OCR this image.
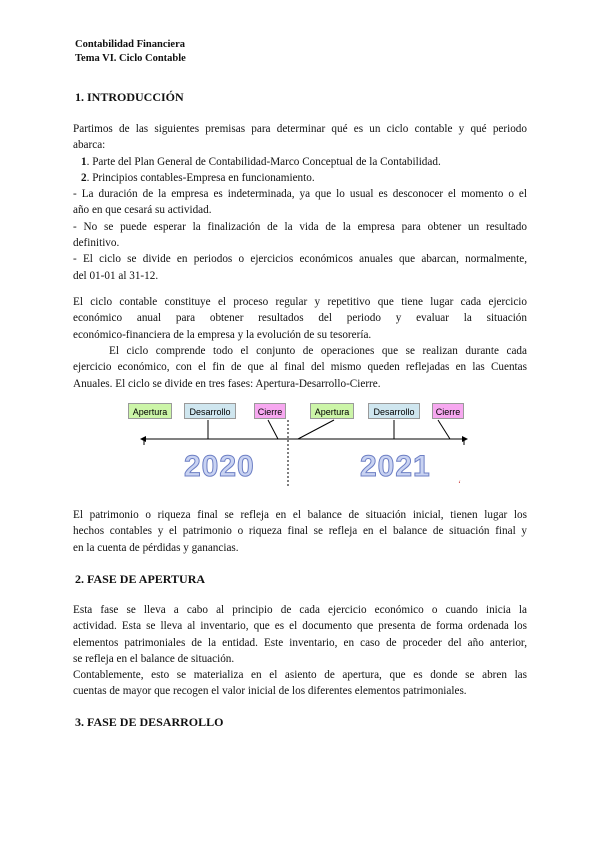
Contabilidad Financiera
Tema VI. Ciclo Contable
1. INTRODUCCIÓN
Partimos de las siguientes premisas para determinar qué es un ciclo contable y qué periodo
abarca:
1. Parte del Plan General de Contabilidad-Marco Conceptual de la Contabilidad.
2. Principios contables-Empresa en funcionamiento.
- La duración de la empresa es indeterminada, ya que lo usual es desconocer el momento o el
año en que cesará su actividad.
- No se puede esperar la finalización de la vida de la empresa para obtener un resultado
definitivo.
- El ciclo se divide en periodos o ejercicios económicos anuales que abarcan, normalmente,
del 01-01 al 31-12.
El ciclo contable constituye el proceso regular y repetitivo que tiene lugar cada ejercicio
económico anual para obtener resultados del periodo y evaluar la situación
económico-financiera de la empresa y la evolución de su tesorería.
El ciclo comprende todo el conjunto de operaciones que se realizan durante cada
ejercicio económico, con el fin de que al final del mismo queden reflejadas en las Cuentas
Anuales. El ciclo se divide en tres fases: Apertura-Desarrollo-Cierre.
Apertura	Desarrollo	Cierre	Apertura	Desarrollo	Cierre
2020	2021
‘
El patrimonio o riqueza final se refleja en el balance de situación inicial, tienen lugar los
hechos contables y el patrimonio o riqueza final se refleja en el balance de situación final y
en la cuenta de pérdidas y ganancias.
2. FASE DE APERTURA
Esta fase se lleva a cabo al principio de cada ejercicio económico o cuando inicia la
actividad. Esta se lleva al inventario, que es el documento que presenta de forma ordenada los
elementos patrimoniales de la entidad. Este inventario, en caso de proceder del año anterior,
se refleja en el balance de situación.
Contablemente, esto se materializa en el asiento de apertura, que es donde se abren las
cuentas de mayor que recogen el valor inicial de los diferentes elementos patrimoniales.
3. FASE DE DESARROLLO
